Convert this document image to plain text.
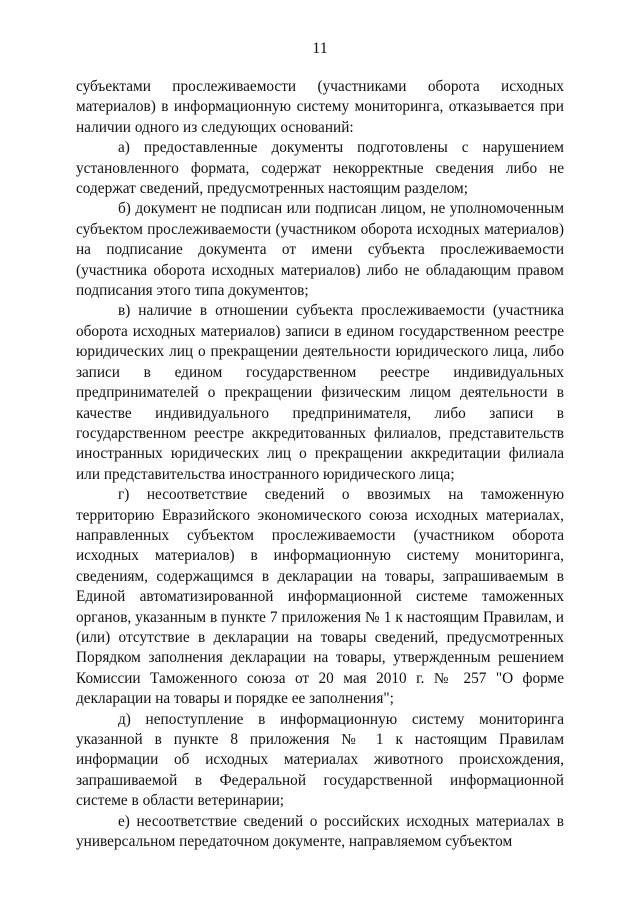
11

субъектами прослеживаемости (участниками оборота исходных материалов) в информационную систему мониторинга, отказывается при наличии одного из следующих оснований:

а) предоставленные документы подготовлены с нарушением установленного формата, содержат некорректные сведения либо не содержат сведений, предусмотренных настоящим разделом;

б) документ не подписан или подписан лицом, не уполномоченным субъектом прослеживаемости (участником оборота исходных материалов) на подписание документа от имени субъекта прослеживаемости (участника оборота исходных материалов) либо не обладающим правом подписания этого типа документов;

в) наличие в отношении субъекта прослеживаемости (участника оборота исходных материалов) записи в едином государственном реестре юридических лиц о прекращении деятельности юридического лица, либо записи в едином государственном реестре индивидуальных предпринимателей о прекращении физическим лицом деятельности в качестве индивидуального предпринимателя, либо записи в государственном реестре аккредитованных филиалов, представительств иностранных юридических лиц о прекращении аккредитации филиала или представительства иностранного юридического лица;

г) несоответствие сведений о ввозимых на таможенную территорию Евразийского экономического союза исходных материалах, направленных субъектом прослеживаемости (участником оборота исходных материалов) в информационную систему мониторинга, сведениям, содержащимся в декларации на товары, запрашиваемым в Единой автоматизированной информационной системе таможенных органов, указанным в пункте 7 приложения № 1 к настоящим Правилам, и (или) отсутствие в декларации на товары сведений, предусмотренных Порядком заполнения декларации на товары, утвержденным решением Комиссии Таможенного союза от 20 мая 2010 г. № 257 "О форме декларации на товары и порядке ее заполнения";

д) непоступление в информационную систему мониторинга указанной в пункте 8 приложения № 1 к настоящим Правилам информации об исходных материалах животного происхождения, запрашиваемой в Федеральной государственной информационной системе в области ветеринарии;

е) несоответствие сведений о российских исходных материалах в универсальном передаточном документе, направляемом субъектом
